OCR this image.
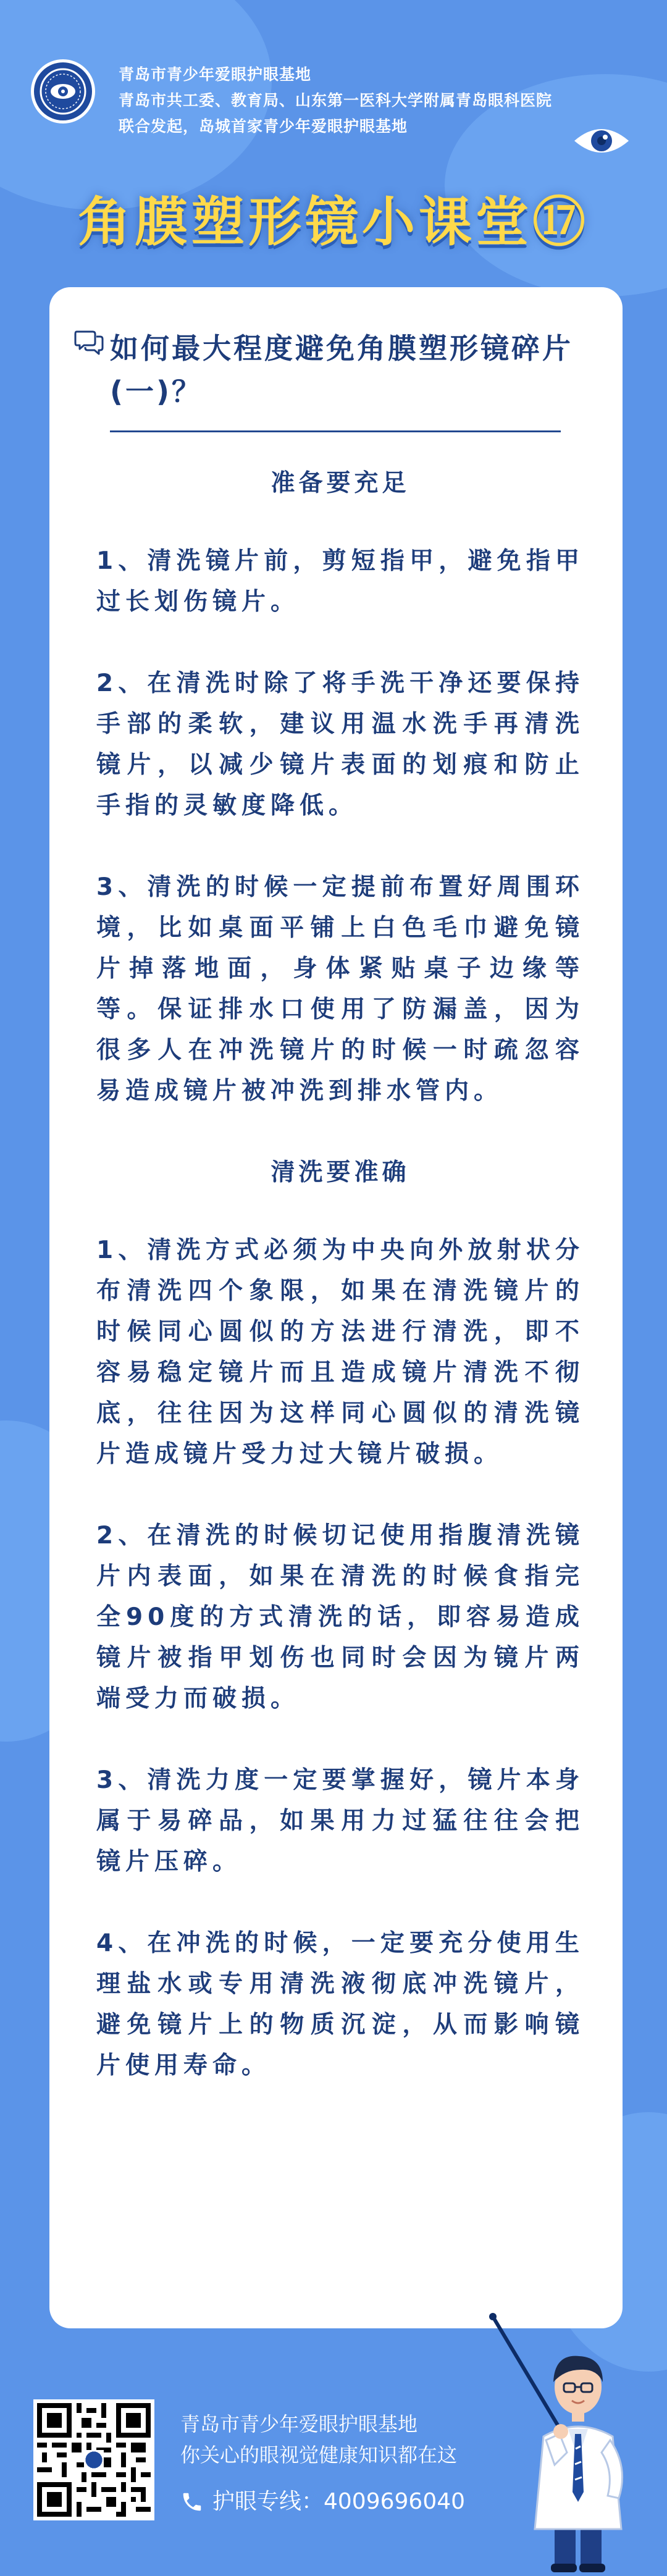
青岛市青少年爱眼护眼基地
青岛市共工委、教育局、山东第一医科大学附属青岛眼科医院
联合发起，岛城首家青少年爱眼护眼基地
角膜塑形镜小课堂⑰
如何最大程度避免角膜塑形镜碎片(一)？
准备要充足

1、清洗镜片前，剪短指甲，避免指甲过长划伤镜片。

2、在清洗时除了将手洗干净还要保持手部的柔软，建议用温水洗手再清洗镜片，以减少镜片表面的划痕和防止手指的灵敏度降低。

3、清洗的时候一定提前布置好周围环境，比如桌面平铺上白色毛巾避免镜片掉落地面，身体紧贴桌子边缘等等。保证排水口使用了防漏盖，因为很多人在冲洗镜片的时候一时疏忽容易造成镜片被冲洗到排水管内。

清洗要准确

1、清洗方式必须为中央向外放射状分布清洗四个象限，如果在清洗镜片的时候同心圆似的方法进行清洗，即不容易稳定镜片而且造成镜片清洗不彻底，往往因为这样同心圆似的清洗镜片造成镜片受力过大镜片破损。

2、在清洗的时候切记使用指腹清洗镜片内表面，如果在清洗的时候食指完全90度的方式清洗的话，即容易造成镜片被指甲划伤也同时会因为镜片两端受力而破损。

3、清洗力度一定要掌握好，镜片本身属于易碎品，如果用力过猛往往会把镜片压碎。

4、在冲洗的时候，一定要充分使用生理盐水或专用清洗液彻底冲洗镜片，避免镜片上的物质沉淀，从而影响镜片使用寿命。

青岛市青少年爱眼护眼基地
你关心的眼视觉健康知识都在这
护眼专线：4009696040
